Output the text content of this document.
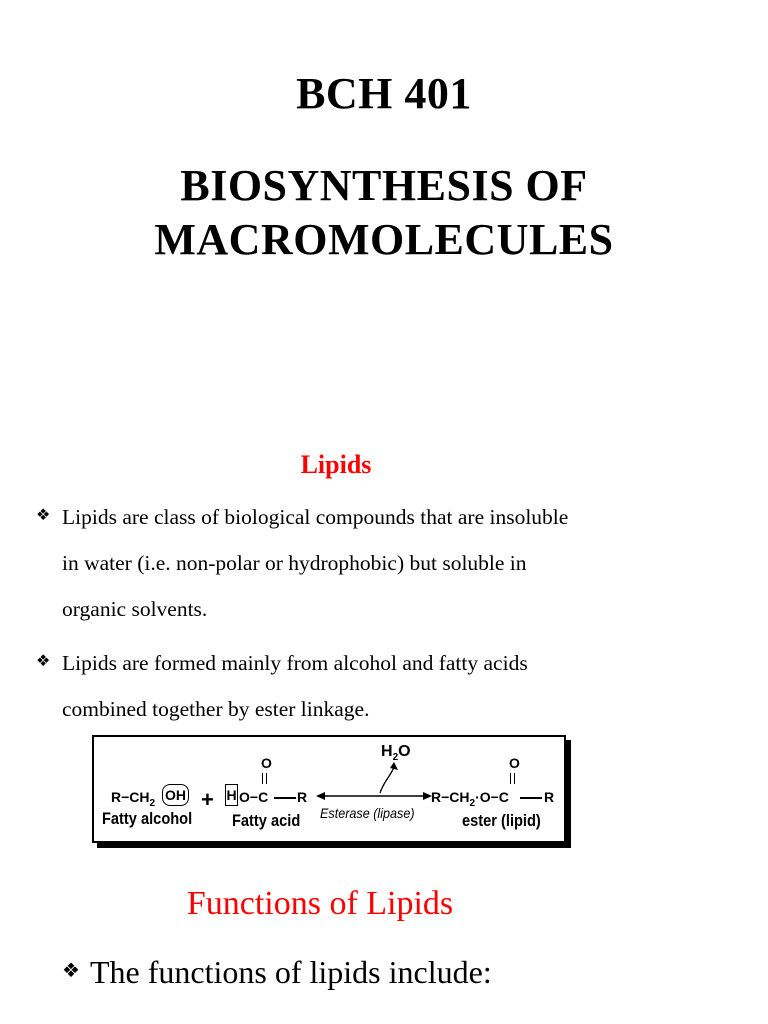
BCH 401
BIOSYNTHESIS OF
MACROMOLECULES
Lipids
❖ Lipids are class of biological compounds that are insoluble
in water (i.e. non-polar or hydrophobic) but soluble in
organic solvents.
❖ Lipids are formed mainly from alcohol and fatty acids
combined together by ester linkage.
$R-CH_2$
OH + H O−C R
O
$H_2O$
Esterase (lipase)
$R-CH_2\cdot O-C$	R
O
Fatty alcohol Fatty acid	ester (lipid)
Functions of Lipids
❖ The functions of lipids include:
